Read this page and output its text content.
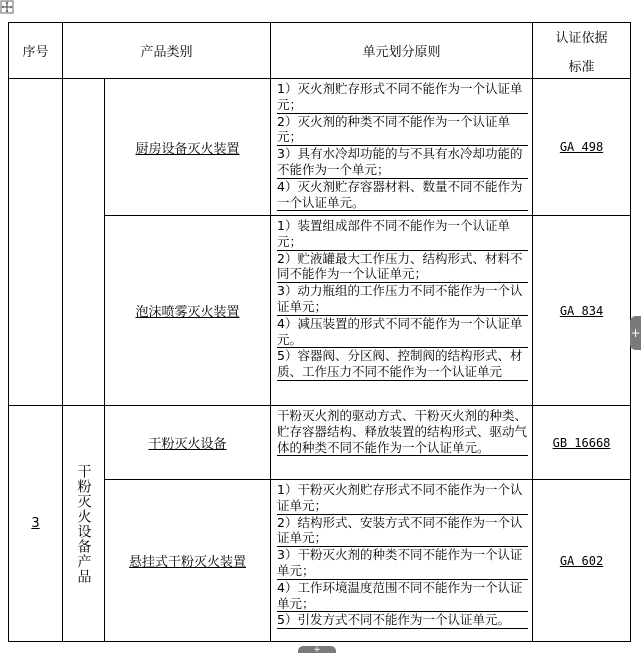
序号	产品类别		单元划分原则	认证依据
标准

		厨房设备灭火装置	1）灭火剂贮存形式不同不能作为一个认证单元；
2）灭火剂的种类不同不能作为一个认证单元；
3）具有水冷却功能的与不具有水冷却功能的不能作为一个单元；
4）灭火剂贮存容器材料、数量不同不能作为一个认证单元。	GA 498
		泡沫喷雾灭火装置	1）装置组成部件不同不能作为一个认证单元；
2）贮液罐最大工作压力、结构形式、材料不同不能作为一个认证单元；
3）动力瓶组的工作压力不同不能作为一个认证单元；
4）减压装置的形式不同不能作为一个认证单元。
5）容器阀、分区阀、控制阀的结构形式、材质、工作压力不同不能作为一个认证单元	GA 834
3	干粉灭火设备产品	干粉灭火设备	干粉灭火剂的驱动方式、干粉灭火剂的种类、贮存容器结构、释放装置的结构形式、驱动气体的种类不同不能作为一个认证单元。	GB 16668
		悬挂式干粉灭火装置	1）干粉灭火剂贮存形式不同不能作为一个认证单元；
2）结构形式、安装方式不同不能作为一个认证单元；
3）干粉灭火剂的种类不同不能作为一个认证单元；
4）工作环境温度范围不同不能作为一个认证单元；
5）引发方式不同不能作为一个认证单元。	GA 602
+
+
